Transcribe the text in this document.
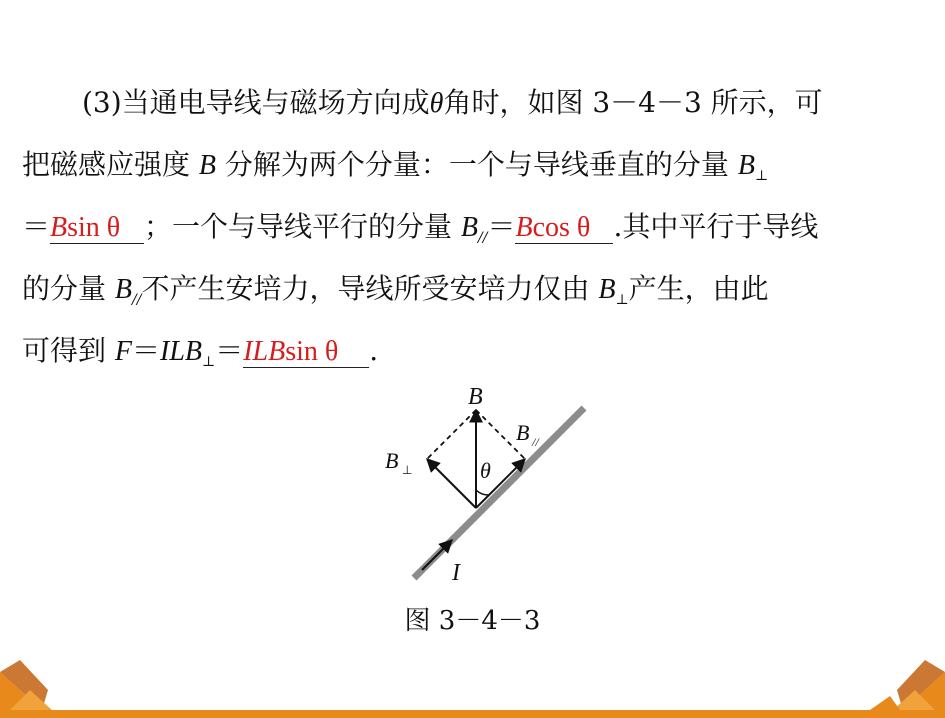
(3)当通电导线与磁场方向成θ角时，如图 3－4－3 所示，可
把磁感应强度 B 分解为两个分量：一个与导线垂直的分量 $B_\perp$
＝Bsin θ ；一个与导线平行的分量 $B_{//}=Bcos$ θ .其中平行于导线
的分量 $B_{//}$不产生安培力，导线所受安培力仅由 $B_\perp$产生，由此
可得到 $F=ILB_\perp=ILBsin$ θ .
B
B //
B ⊥	θ
I
图 3－4－3
